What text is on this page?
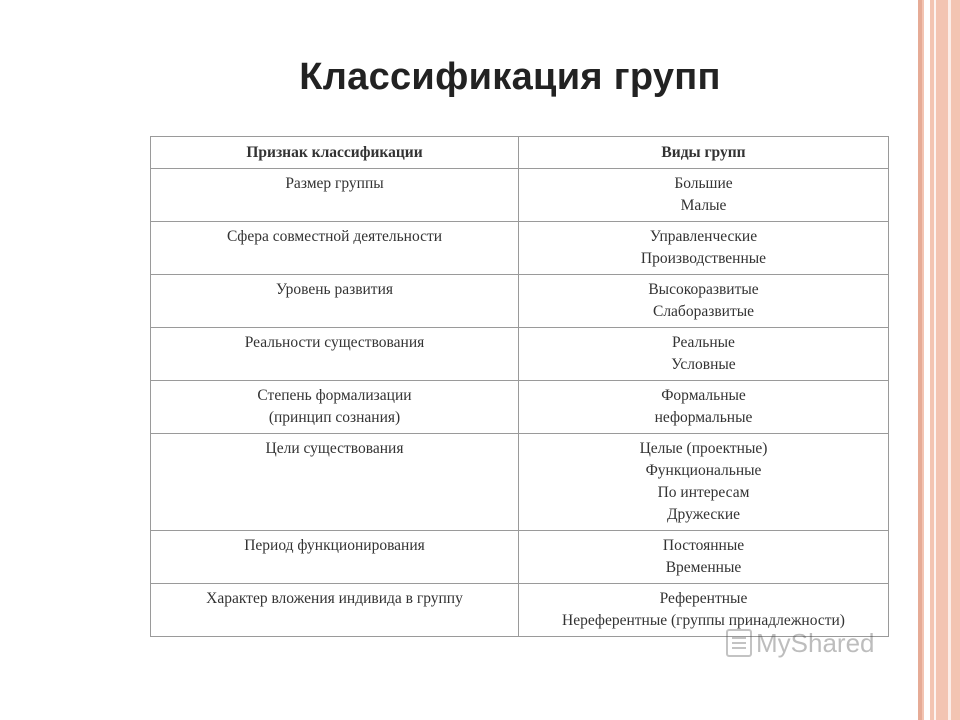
Классификация групп
Признак классификации	Виды групп

Размер группы	Большие
Малые

Сфера совместной деятельности	Управленческие
Производственные

Уровень развития	Высокоразвитые
Слаборазвитые

Реальности существования	Реальные
Условные

Степень формализации
(принцип сознания)	Формальные
неформальные

Цели существования	Целые (проектные)
Функциональные
По интересам
Дружеские

Период функционирования	Постоянные
Временные

Характер вложения индивида в группу	Референтные
Нереферентные (группы принадлежности)
MyShared
